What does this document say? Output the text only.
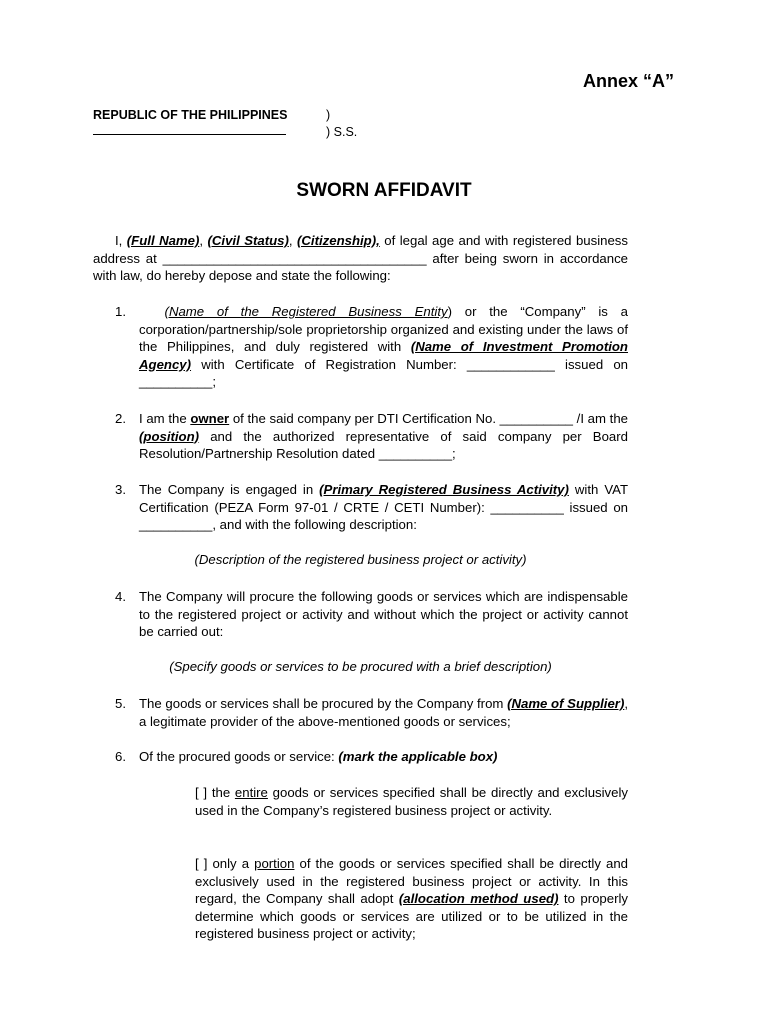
Annex “A”
REPUBLIC OF THE PHILIPPINES	)
) S.S.
SWORN AFFIDAVIT
I, (Full Name), (Civil Status), (Citizenship), of legal age and with registered business address at ____________________________________ after being sworn in accordance with law, do hereby depose and state the following:
1.	(Name of the Registered Business Entity) or the “Company” is a corporation/partnership/sole proprietorship organized and existing under the laws of the Philippines, and duly registered with (Name of Investment Promotion Agency) with Certificate of Registration Number: ____________ issued on __________;
2. I am the owner of the said company per DTI Certification No. __________ /I am the (position) and the authorized representative of said company per Board Resolution/Partnership Resolution dated __________;
3. The Company is engaged in (Primary Registered Business Activity) with VAT Certification (PEZA Form 97-01 / CRTE / CETI Number): __________ issued on __________, and with the following description:
(Description of the registered business project or activity)
4. The Company will procure the following goods or services which are indispensable to the registered project or activity and without which the project or activity cannot be carried out:
(Specify goods or services to be procured with a brief description)
5. The goods or services shall be procured by the Company from (Name of Supplier), a legitimate provider of the above-mentioned goods or services;
6. Of the procured goods or service: (mark the applicable box)
[ ] the entire goods or services specified shall be directly and exclusively used in the Company’s registered business project or activity.
[ ] only a portion of the goods or services specified shall be directly and exclusively used in the registered business project or activity. In this regard, the Company shall adopt (allocation method used) to properly determine which goods or services are utilized or to be utilized in the registered business project or activity;
